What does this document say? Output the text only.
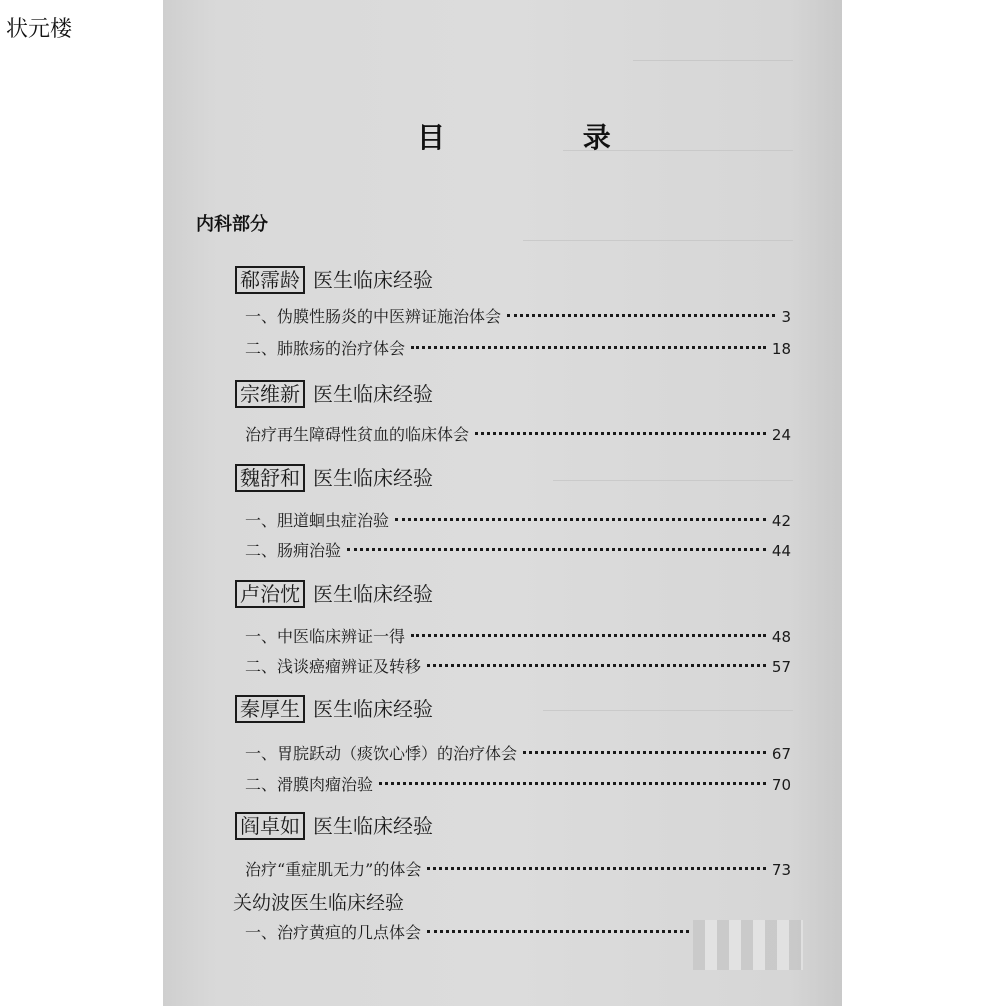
状元楼
目 录
内科部分
郗霈龄 医生临床经验
一、伪膜性肠炎的中医辨证施治体会	3
二、肺脓疡的治疗体会	18
宗维新 医生临床经验
治疗再生障碍性贫血的临床体会	24
魏舒和 医生临床经验
一、胆道蛔虫症治验	42
二、肠痈治验	44
卢治忱 医生临床经验
一、中医临床辨证一得	48
二、浅谈癌瘤辨证及转移	57
秦厚生 医生临床经验
一、胃脘跃动（痰饮心悸）的治疗体会	67
二、滑膜肉瘤治验	70
阎卓如 医生临床经验
治疗“重症肌无力”的体会	73
关幼波医生临床经验
一、治疗黄疸的几点体会
